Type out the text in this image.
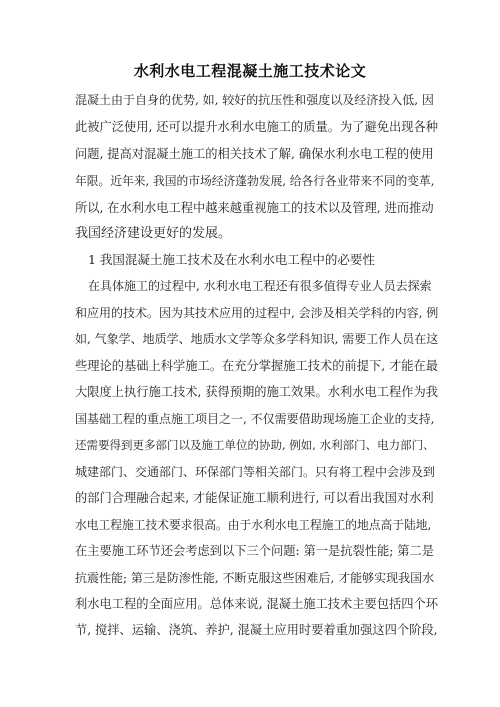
水利水电工程混凝土施工技术论文
混凝土由于自身的优势, 如, 较好的抗压性和强度以及经济投入低, 因
此被广泛使用, 还可以提升水利水电施工的质量。为了避免出现各种
问题, 提高对混凝土施工的相关技术了解, 确保水利水电工程的使用
年限。近年来, 我国的市场经济蓬勃发展, 给各行各业带来不同的变革,
所以, 在水利水电工程中越来越重视施工的技术以及管理, 进而推动
我国经济建设更好的发展。
1 我国混凝土施工技术及在水利水电工程中的必要性
在具体施工的过程中, 水利水电工程还有很多值得专业人员去探索
和应用的技术。因为其技术应用的过程中, 会涉及相关学科的内容, 例
如, 气象学、地质学、地质水文学等众多学科知识, 需要工作人员在这
些理论的基础上科学施工。在充分掌握施工技术的前提下, 才能在最
大限度上执行施工技术, 获得预期的施工效果。水利水电工程作为我
国基础工程的重点施工项目之一, 不仅需要借助现场施工企业的支持,
还需要得到更多部门以及施工单位的协助, 例如, 水利部门、电力部门、
城建部门、交通部门、环保部门等相关部门。只有将工程中会涉及到
的部门合理融合起来, 才能保证施工顺利进行, 可以看出我国对水利
水电工程施工技术要求很高。由于水利水电工程施工的地点高于陆地,
在主要施工环节还会考虑到以下三个问题: 第一是抗裂性能; 第二是
抗震性能; 第三是防渗性能, 不断克服这些困难后, 才能够实现我国水
利水电工程的全面应用。总体来说, 混凝土施工技术主要包括四个环
节, 搅拌、运输、浇筑、养护, 混凝土应用时要着重加强这四个阶段,
